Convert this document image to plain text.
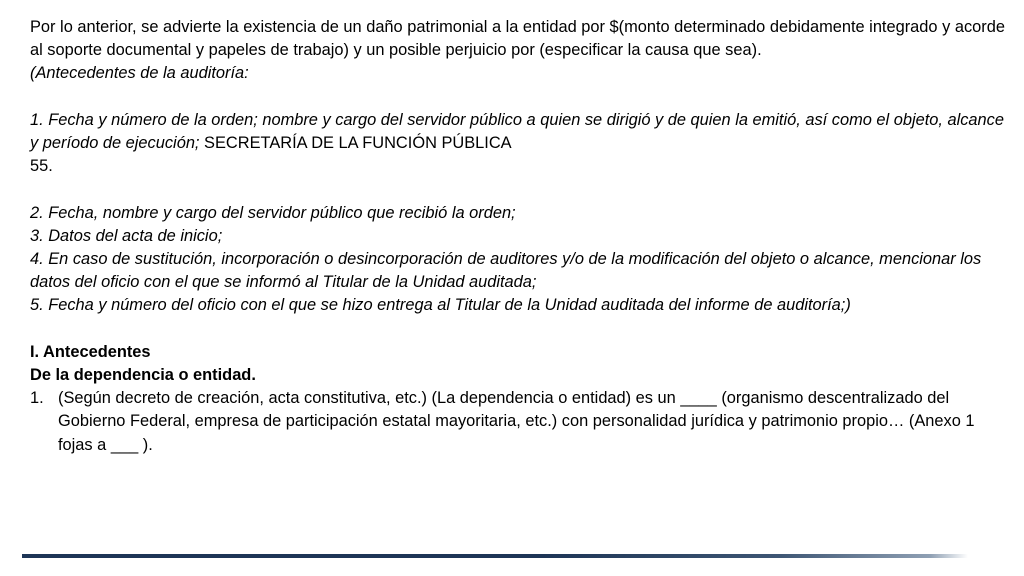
Por lo anterior, se advierte la existencia de un daño patrimonial a la entidad por $(monto determinado debidamente integrado y acorde al soporte documental y papeles de trabajo) y un posible perjuicio por (especificar la causa que sea).

(Antecedentes de la auditoría:

1. Fecha y número de la orden; nombre y cargo del servidor público a quien se dirigió y de quien la emitió, así como el objeto, alcance y período de ejecución; SECRETARÍA DE LA FUNCIÓN PÚBLICA

55.

2. Fecha, nombre y cargo del servidor público que recibió la orden;

3. Datos del acta de inicio;

4. En caso de sustitución, incorporación o desincorporación de auditores y/o de la modificación del objeto o alcance, mencionar los datos del oficio con el que se informó al Titular de la Unidad auditada;

5. Fecha y número del oficio con el que se hizo entrega al Titular de la Unidad auditada del informe de auditoría;)

I. Antecedentes

De la dependencia o entidad.

1. (Según decreto de creación, acta constitutiva, etc.) (La dependencia o entidad) es un ____ (organismo descentralizado del Gobierno Federal, empresa de participación estatal mayoritaria, etc.) con personalidad jurídica y patrimonio propio… (Anexo 1 fojas a ___ ).
